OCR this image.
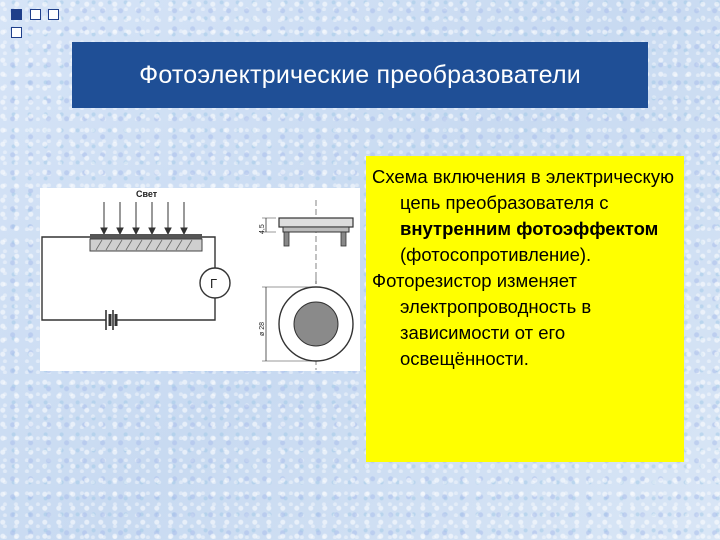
Фотоэлектрические преобразователи
Свет
Г
4,5
ø 28

Схема включения в электрическую цепь преобразователя с внутренним фотоэффектом (фотосопротивление).

Фоторезистор изменяет электропроводность в зависимости от его освещённости.
